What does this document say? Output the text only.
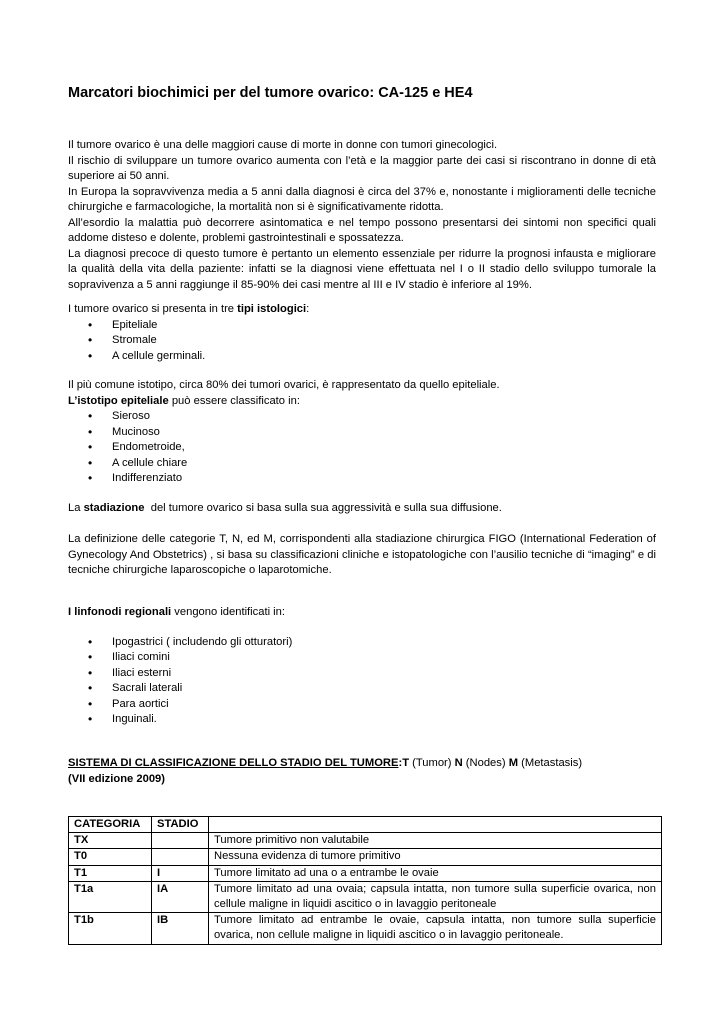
Marcatori biochimici per del tumore ovarico: CA-125 e HE4

Il tumore ovarico è una delle maggiori cause di morte in donne con tumori ginecologici.

Il rischio di sviluppare un tumore ovarico aumenta con l’età e la maggior parte dei casi si riscontrano in donne di età superiore ai 50 anni.

In Europa la sopravvivenza media a 5 anni dalla diagnosi è circa del 37% e, nonostante i miglioramenti delle tecniche chirurgiche e farmacologiche, la mortalità non si è significativamente ridotta.

All’esordio la malattia può decorrere asintomatica e nel tempo possono presentarsi dei sintomi non specifici quali addome disteso e dolente, problemi gastrointestinali e spossatezza.

La diagnosi precoce di questo tumore è pertanto un elemento essenziale per ridurre la prognosi infausta e migliorare la qualità della vita della paziente: infatti se la diagnosi viene effettuata nel I o II stadio dello sviluppo tumorale la sopravivenza a 5 anni raggiunge il 85-90% dei casi mentre al III e IV stadio è inferiore al 19%.

I tumore ovarico si presenta in tre tipi istologici:

• Epiteliale
• Stromale
• A cellule germinali.

Il più comune istotipo, circa 80% dei tumori ovarici, è rappresentato da quello epiteliale.

L’istotipo epiteliale può essere classificato in:

• Sieroso
• Mucinoso
• Endometroide,
• A cellule chiare
• Indifferenziato

La stadiazione  del tumore ovarico si basa sulla sua aggressività e sulla sua diffusione.

La definizione delle categorie T, N, ed M, corrispondenti alla stadiazione chirurgica FIGO (International Federation of Gynecology And Obstetrics) , si basa su classificazioni cliniche e istopatologiche con l’ausilio tecniche di “imaging” e di tecniche chirurgiche laparoscopiche o laparotomiche.

I linfonodi regionali vengono identificati in:

• Ipogastrici ( includendo gli otturatori)
• Iliaci comini
• Iliaci esterni
• Sacrali laterali
• Para aortici
• Inguinali.

SISTEMA DI CLASSIFICAZIONE DELLO STADIO DEL TUMORE:T (Tumor) N (Nodes) M (Metastasis)

(VII edizione 2009)

CATEGORIA	STADIO	
TX		Tumore primitivo non valutabile
T0		Nessuna evidenza di tumore primitivo
T1	I	Tumore limitato ad una o a entrambe le ovaie
T1a	IA	Tumore limitato ad una ovaia; capsula intatta, non tumore sulla superficie ovarica, non cellule maligne in liquidi ascitico o in lavaggio peritoneale
T1b	IB	Tumore limitato ad entrambe le ovaie, capsula intatta, non tumore sulla superficie ovarica, non cellule maligne in liquidi ascitico o in lavaggio peritoneale.
